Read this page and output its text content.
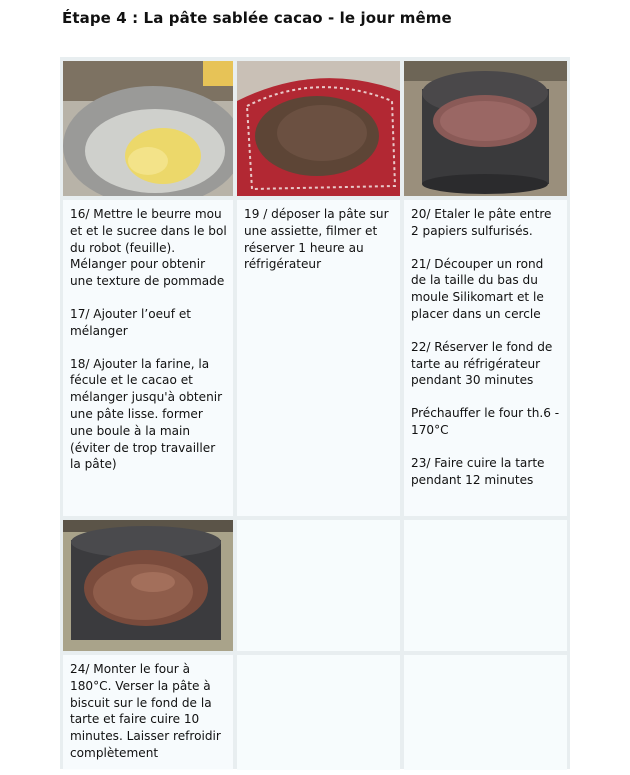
Étape 4 : La pâte sablée cacao - le jour même

16/ Mettre le beurre mou et et le sucree dans le bol du robot (feuille). Mélanger pour obtenir une texture de pommade

17/ Ajouter l’oeuf et mélanger

18/ Ajouter la farine, la fécule et le cacao et mélanger jusqu'à obtenir une pâte lisse. former une boule à la main (éviter de trop travailler la pâte)

19 / déposer la pâte sur une assiette, filmer et réserver 1 heure au réfrigérateur

20/ Etaler le pâte entre 2 papiers sulfurisés.

21/ Découper un rond de la taille du bas du moule Silikomart et le placer dans un cercle

22/ Réserver le fond de tarte au réfrigérateur pendant 30 minutes

Préchauffer le four th.6 - 170°C

23/ Faire cuire la tarte pendant 12 minutes

24/ Monter le four à 180°C. Verser la pâte à biscuit sur le fond de la tarte et faire cuire 10 minutes. Laisser refroidir complètement
